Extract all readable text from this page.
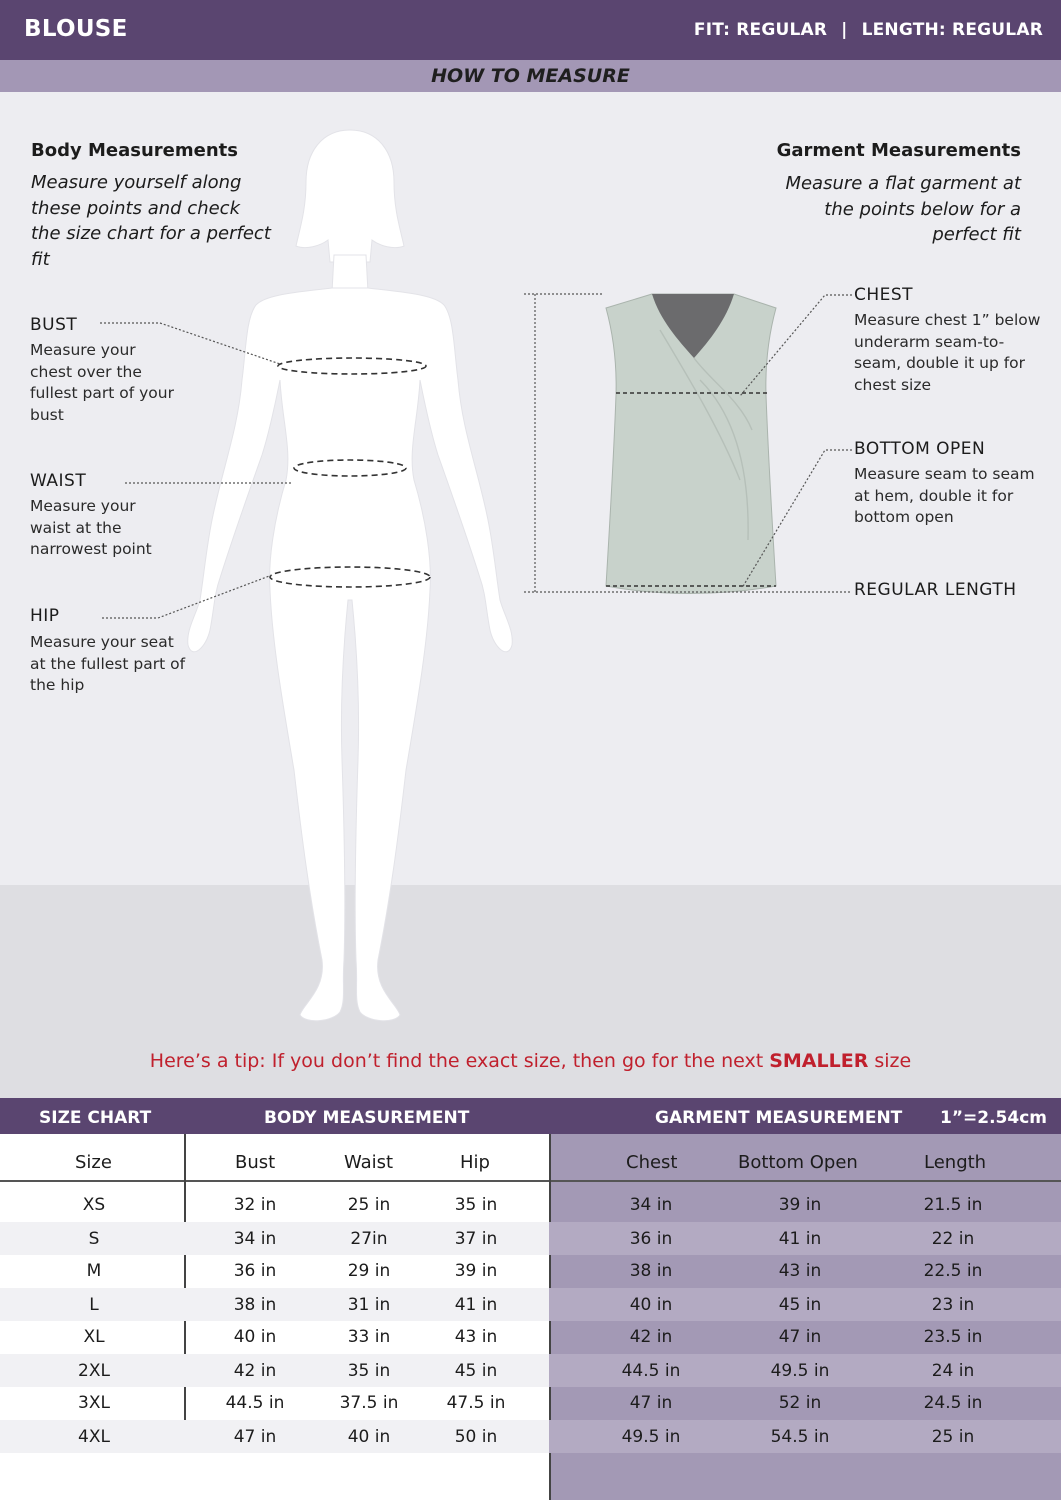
BLOUSE	FIT: REGULAR | LENGTH: REGULAR
HOW TO MEASURE
Body Measurements
Measure yourself along these points and check the size chart for a perfect fit
BUST
Measure your chest over the fullest part of your bust
WAIST
Measure your waist at the narrowest point
HIP
Measure your seat at the fullest part of the hip
Garment Measurements
Measure a flat garment at the points below for a perfect fit
CHEST
Measure chest 1” below underarm seam-to-seam, double it up for chest size
BOTTOM OPEN
Measure seam to seam at hem, double it for bottom open
REGULAR LENGTH
Here’s a tip: If you don’t find the exact size, then go for the next SMALLER size
SIZE CHART	BODY MEASUREMENT	GARMENT MEASUREMENT 1”=2.54cm
Size	Bust	Waist	Hip	Chest	Bottom Open	Length
XS	32 in	25 in	35 in	34 in	39 in	21.5 in
S	34 in	27in	37 in	36 in	41 in	22 in
M	36 in	29 in	39 in	38 in	43 in	22.5 in
L	38 in	31 in	41 in	40 in	45 in	23 in
XL	40 in	33 in	43 in	42 in	47 in	23.5 in
2XL	42 in	35 in	45 in	44.5 in	49.5 in	24 in
3XL	44.5 in	37.5 in	47.5 in	47 in	52 in	24.5 in
4XL	47 in	40 in	50 in	49.5 in	54.5 in	25 in
